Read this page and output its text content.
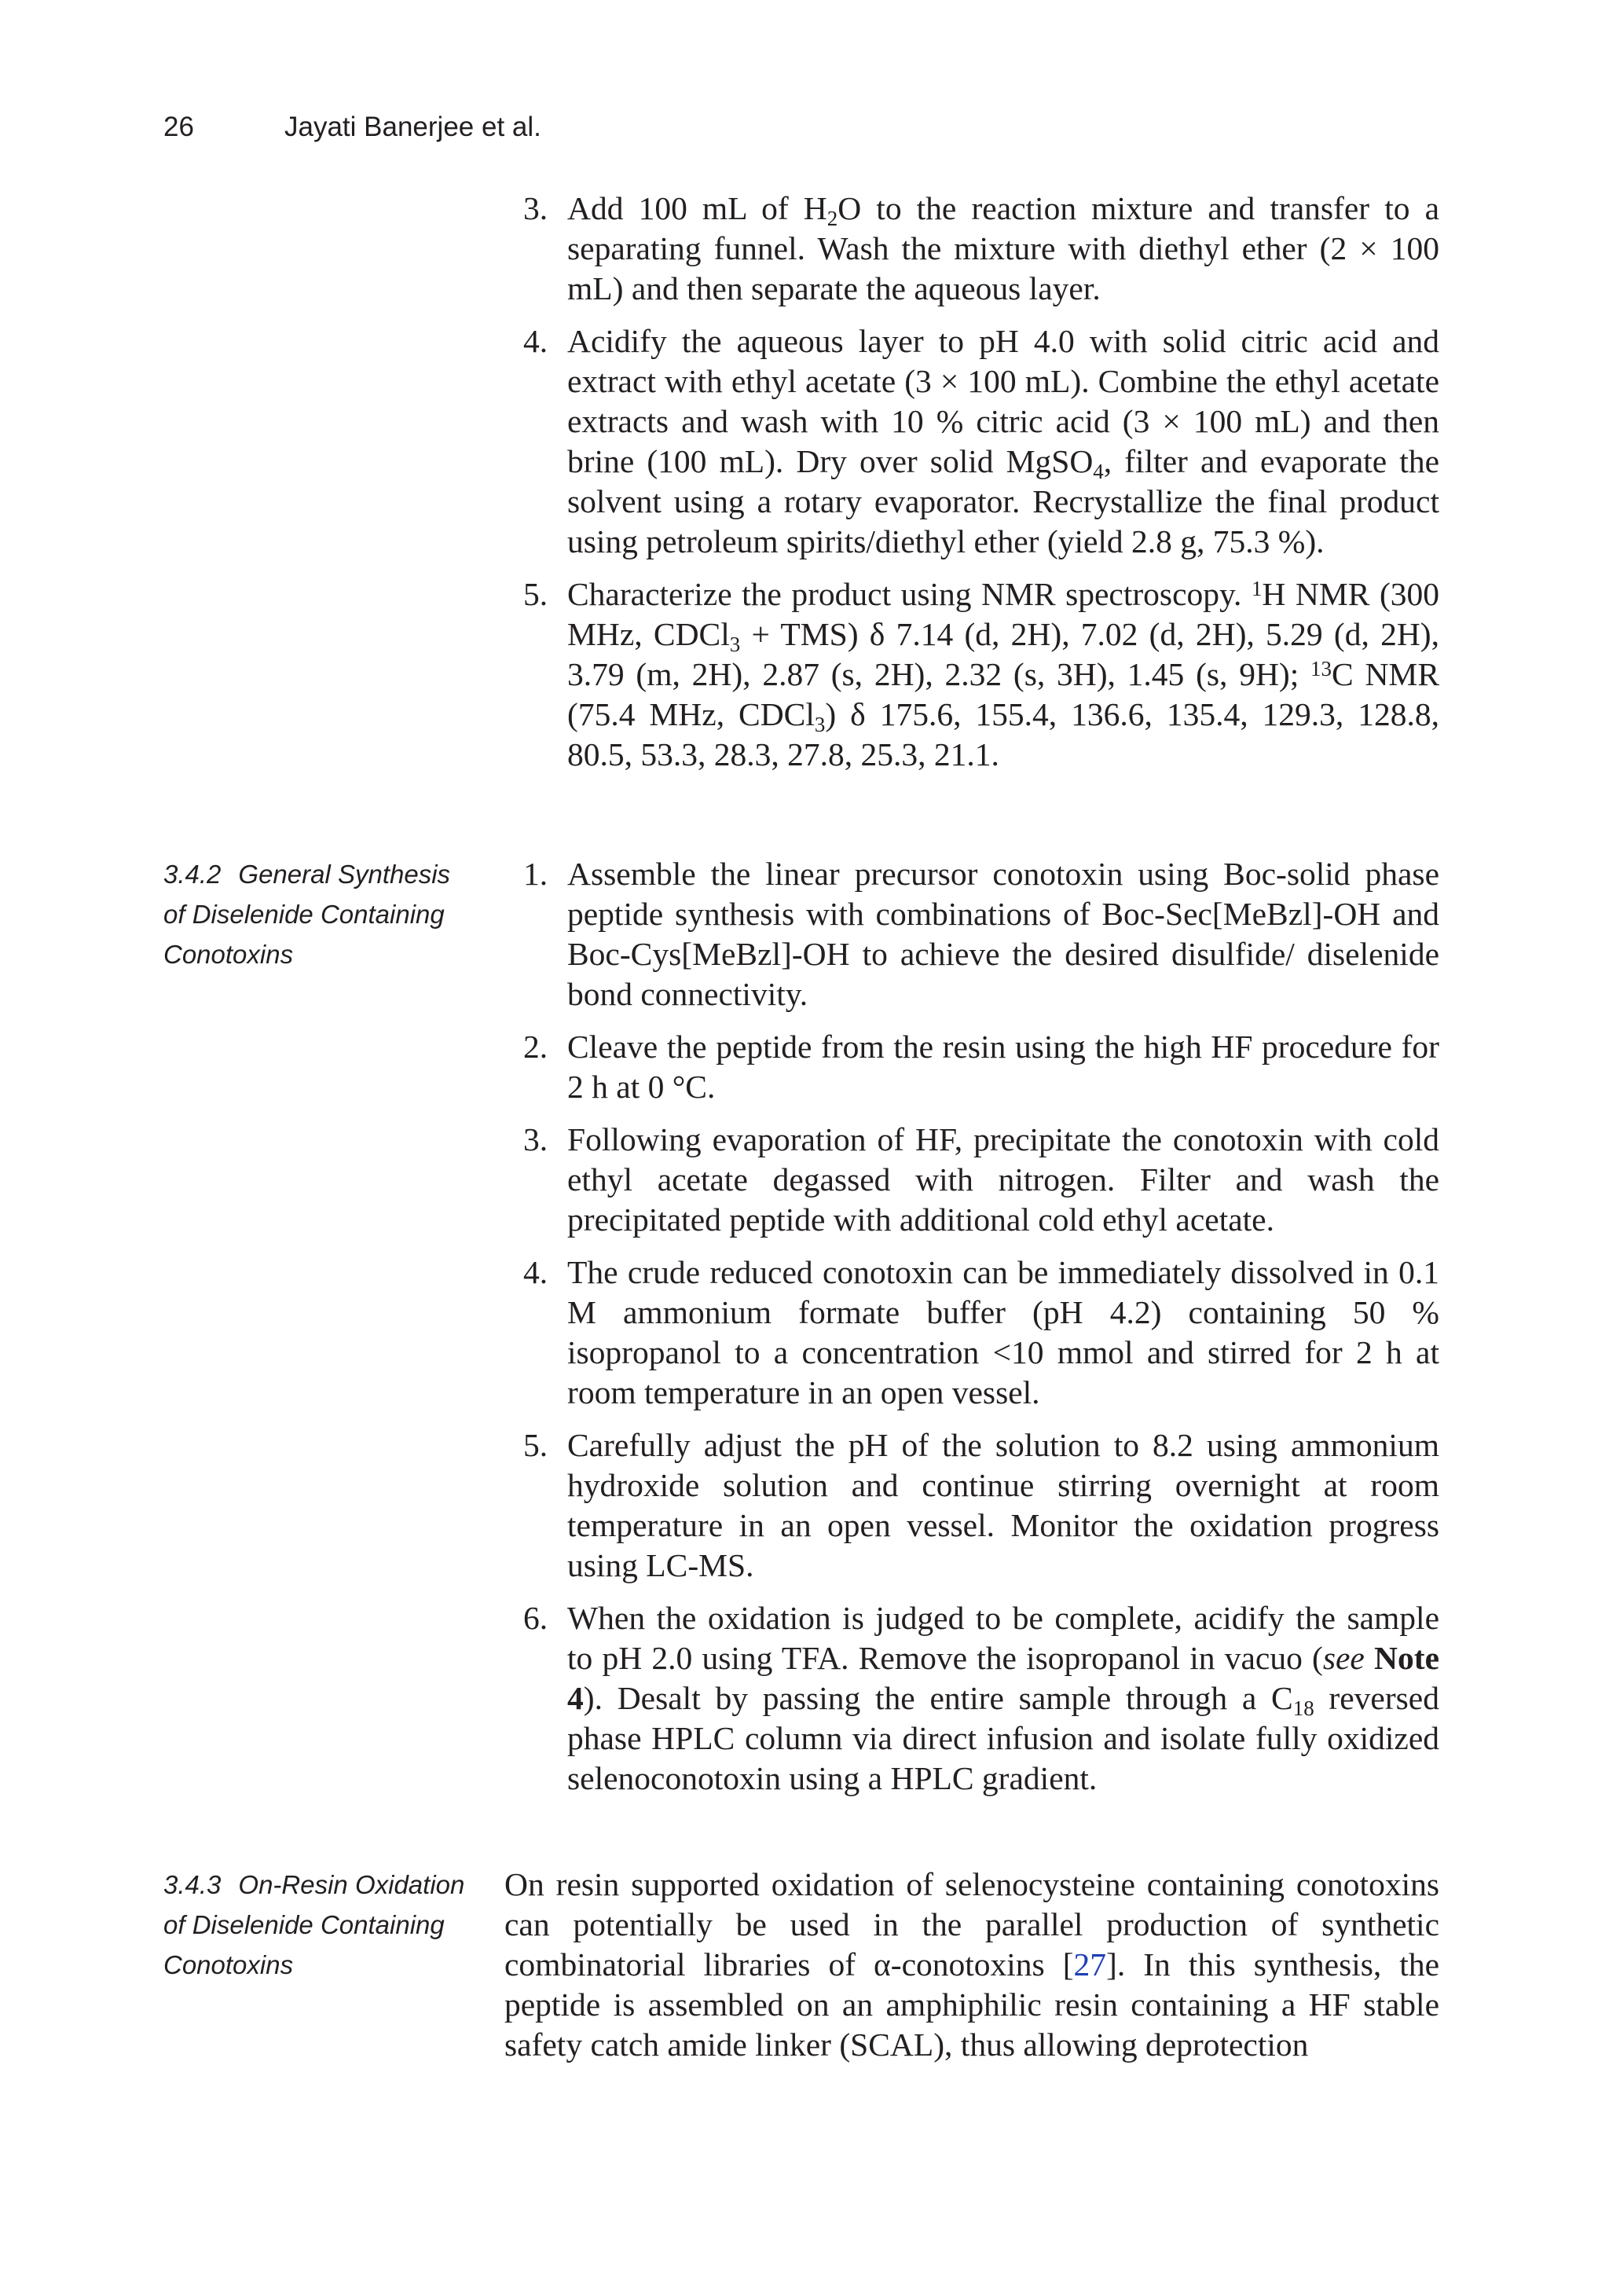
26	Jayati Banerjee et al.
3. Add 100 mL of $H_2O$ to the reaction mixture and transfer to a separating funnel. Wash the mixture with diethyl ether (2 × 100 mL) and then separate the aqueous layer.
4. Acidify the aqueous layer to pH 4.0 with solid citric acid and extract with ethyl acetate (3 × 100 mL). Combine the ethyl acetate extracts and wash with 10 % citric acid (3 × 100 mL) and then brine (100 mL). Dry over solid MgSO$_4$, filter and evaporate the solvent using a rotary evaporator. Recrystallize the final product using petroleum spirits/diethyl ether (yield 2.8 g, 75.3 %).
5. Characterize the product using NMR spectroscopy. $^1$H NMR (300 MHz, CDCl$_3$ + TMS) δ 7.14 (d, 2H), 7.02 (d, 2H), 5.29 (d, 2H), 3.79 (m, 2H), 2.87 (s, 2H), 2.32 (s, 3H), 1.45 (s, 9H); $^{13}$C NMR (75.4 MHz, CDCl$_3$) δ 175.6, 155.4, 136.6, 135.4, 129.3, 128.8, 80.5, 53.3, 28.3, 27.8, 25.3, 21.1.
3.4.2 General Synthesis
of Diselenide Containing
Conotoxins
1. Assemble the linear precursor conotoxin using Boc-solid phase peptide synthesis with combinations of Boc-Sec[MeBzl]-OH and Boc-Cys[MeBzl]-OH to achieve the desired disulfide/ diselenide bond connectivity.
2. Cleave the peptide from the resin using the high HF procedure for 2 h at 0 °C.
3. Following evaporation of HF, precipitate the conotoxin with cold ethyl acetate degassed with nitrogen. Filter and wash the precipitated peptide with additional cold ethyl acetate.
4. The crude reduced conotoxin can be immediately dissolved in 0.1 M ammonium formate buffer (pH 4.2) containing 50 % isopropanol to a concentration <10 mmol and stirred for 2 h at room temperature in an open vessel.
5. Carefully adjust the pH of the solution to 8.2 using ammonium hydroxide solution and continue stirring overnight at room temperature in an open vessel. Monitor the oxidation progress using LC-MS.
6. When the oxidation is judged to be complete, acidify the sample to pH 2.0 using TFA. Remove the isopropanol in vacuo (see Note 4). Desalt by passing the entire sample through a $C_{18}$ reversed phase HPLC column via direct infusion and isolate fully oxidized selenoconotoxin using a HPLC gradient.
3.4.3 On-Resin Oxidation
of Diselenide Containing
Conotoxins

On resin supported oxidation of selenocysteine containing conotoxins can potentially be used in the parallel production of synthetic combinatorial libraries of α-conotoxins [27]. In this synthesis, the peptide is assembled on an amphiphilic resin containing a HF stable safety catch amide linker (SCAL), thus allowing deprotection
